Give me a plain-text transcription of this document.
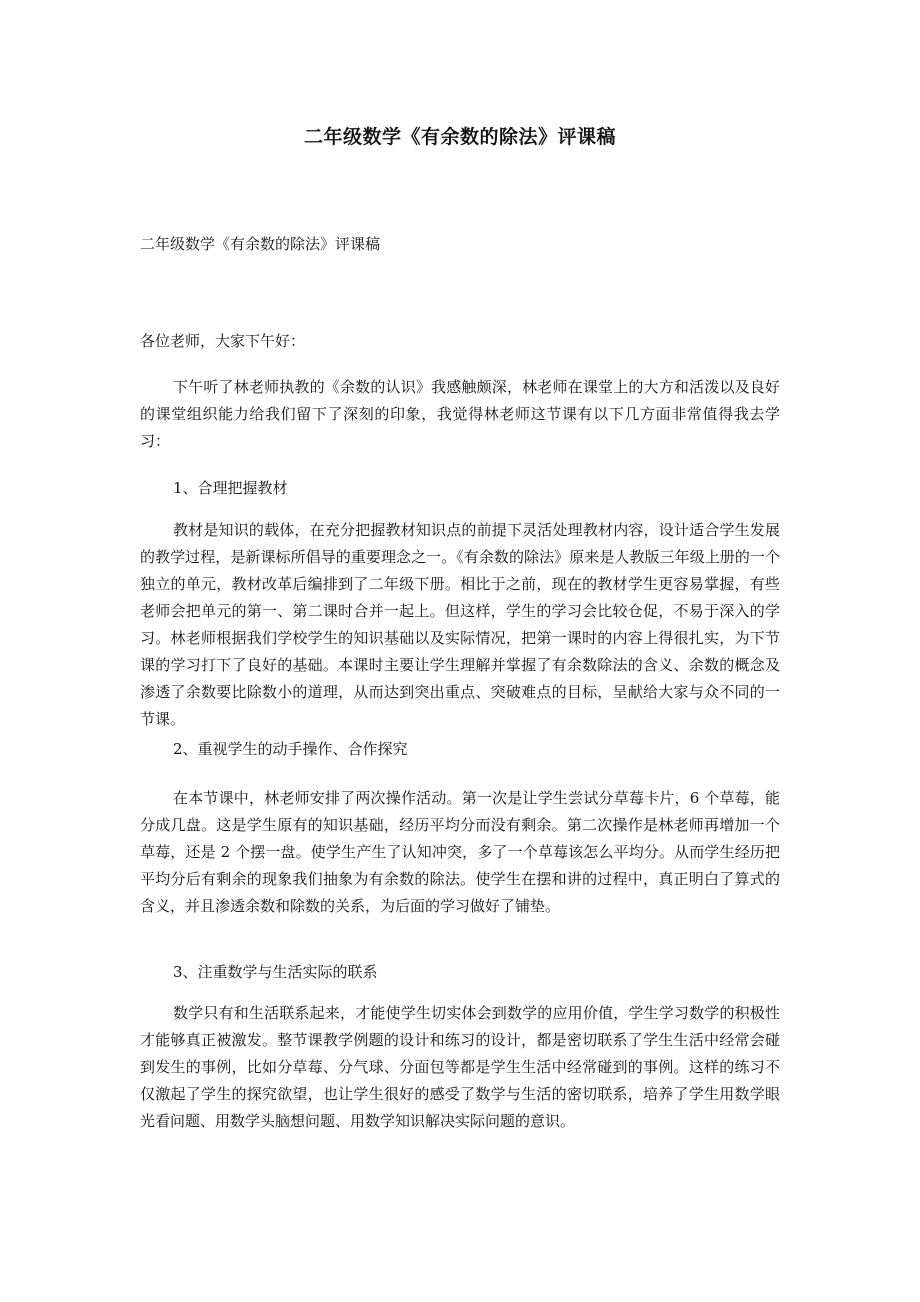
二年级数学《有余数的除法》评课稿

二年级数学《有余数的除法》评课稿

各位老师，大家下午好：

下午听了林老师执教的《余数的认识》我感触颇深，林老师在课堂上的大方和活泼以及良好的课堂组织能力给我们留下了深刻的印象，我觉得林老师这节课有以下几方面非常值得我去学习：

1、合理把握教材

教材是知识的载体，在充分把握教材知识点的前提下灵活处理教材内容，设计适合学生发展的教学过程，是新课标所倡导的重要理念之一。《有余数的除法》原来是人教版三年级上册的一个独立的单元，教材改革后编排到了二年级下册。相比于之前，现在的教材学生更容易掌握，有些老师会把单元的第一、第二课时合并一起上。但这样，学生的学习会比较仓促，不易于深入的学习。林老师根据我们学校学生的知识基础以及实际情况，把第一课时的内容上得很扎实，为下节课的学习打下了良好的基础。本课时主要让学生理解并掌握了有余数除法的含义、余数的概念及渗透了余数要比除数小的道理，从而达到突出重点、突破难点的目标，呈献给大家与众不同的一节课。

2、重视学生的动手操作、合作探究

在本节课中，林老师安排了两次操作活动。第一次是让学生尝试分草莓卡片，6 个草莓，能分成几盘。这是学生原有的知识基础，经历平均分而没有剩余。第二次操作是林老师再增加一个草莓，还是 2 个摆一盘。使学生产生了认知冲突，多了一个草莓该怎么平均分。从而学生经历把平均分后有剩余的现象我们抽象为有余数的除法。使学生在摆和讲的过程中，真正明白了算式的含义，并且渗透余数和除数的关系，为后面的学习做好了铺垫。

3、注重数学与生活实际的联系

数学只有和生活联系起来，才能使学生切实体会到数学的应用价值，学生学习数学的积极性才能够真正被激发。整节课教学例题的设计和练习的设计，都是密切联系了学生生活中经常会碰到发生的事例，比如分草莓、分气球、分面包等都是学生生活中经常碰到的事例。这样的练习不仅激起了学生的探究欲望，也让学生很好的感受了数学与生活的密切联系，培养了学生用数学眼光看问题、用数学头脑想问题、用数学知识解决实际问题的意识。
